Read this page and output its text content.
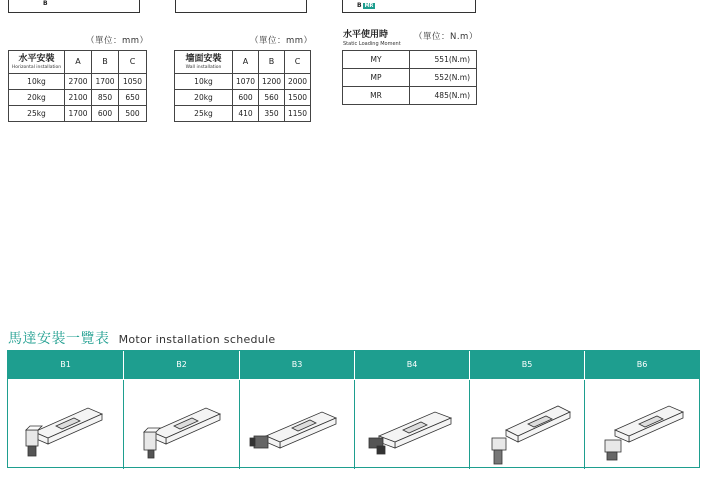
B	B MR
（單位：mm）
水平安裝
Horizontal installation	A	B	C
10kg	2700	1700	1050
20kg	2100	850	650
25kg	1700	600	500
（單位：mm）
墙面安裝
Wall installation	A	B	C
10kg	1070	1200	2000
20kg	600	560	1500
25kg	410	350	1150
水平使用時
Static Loading Moment
（單位：N.m）
MY	551(N.m)
MP	552(N.m)
MR	485(N.m)
馬達安裝一覽表 Motor installation schedule
B1	B2	B3	B4	B5	B6
